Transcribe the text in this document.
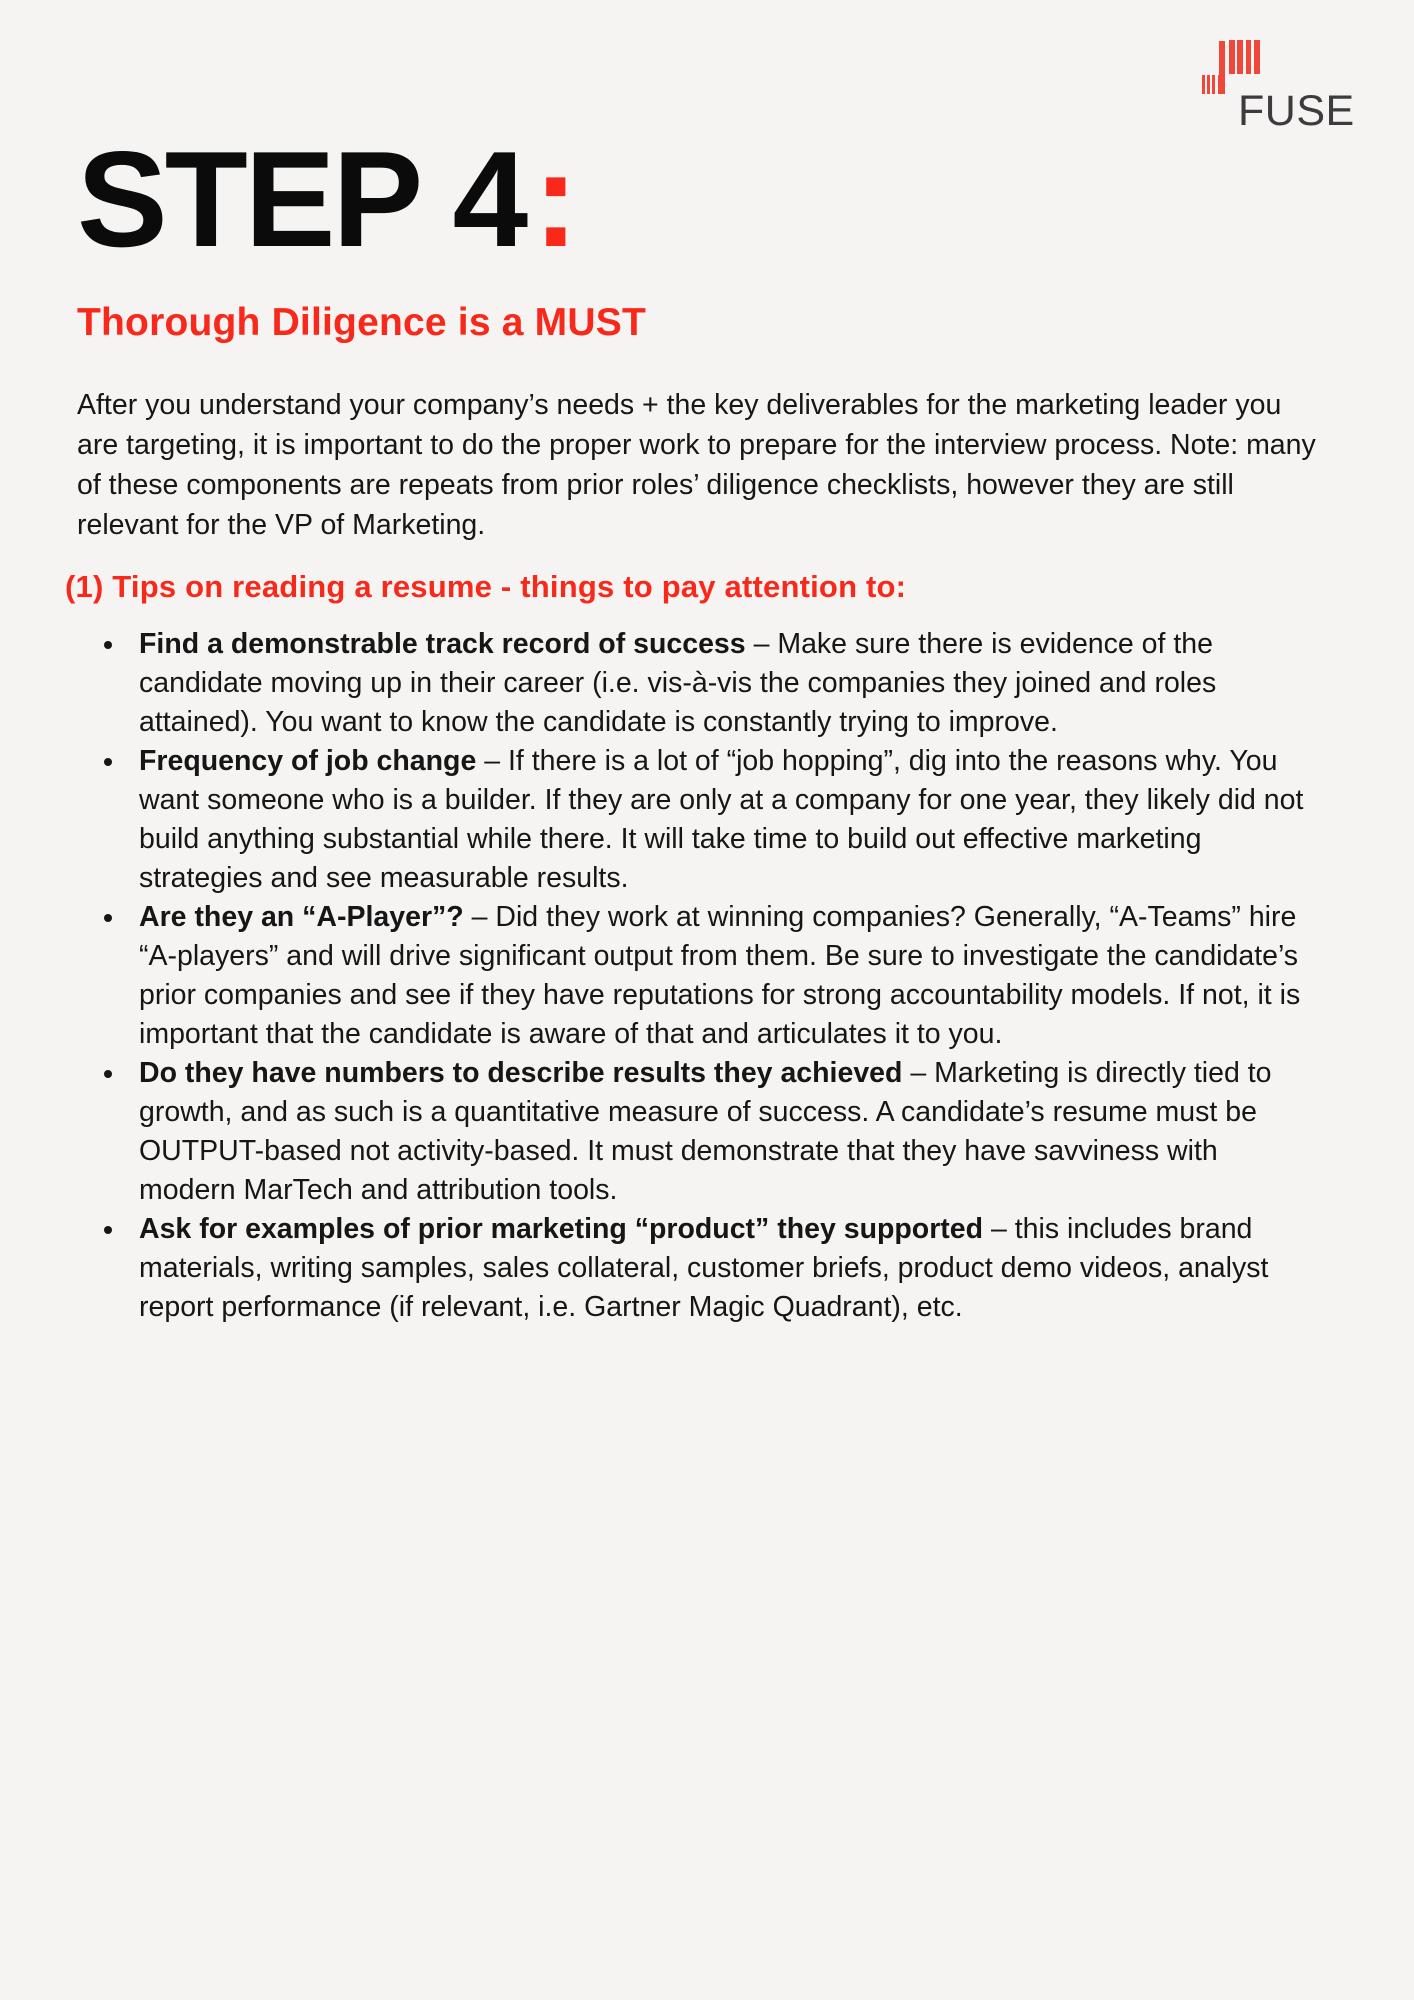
FUSE
STEP 4:
Thorough Diligence is a MUST

After you understand your company’s needs + the key deliverables for the marketing leader you are targeting, it is important to do the proper work to prepare for the interview process. Note: many of these components are repeats from prior roles’ diligence checklists, however they are still relevant for the VP of Marketing.

(1) Tips on reading a resume - things to pay attention to:
Find a demonstrable track record of success – Make sure there is evidence of the candidate moving up in their career (i.e. vis-à-vis the companies they joined and roles attained). You want to know the candidate is constantly trying to improve.
Frequency of job change – If there is a lot of “job hopping”, dig into the reasons why. You want someone who is a builder. If they are only at a company for one year, they likely did not build anything substantial while there. It will take time to build out effective marketing strategies and see measurable results.
Are they an “A-Player”? – Did they work at winning companies? Generally, “A-Teams” hire “A-players” and will drive significant output from them. Be sure to investigate the candidate’s prior companies and see if they have reputations for strong accountability models. If not, it is important that the candidate is aware of that and articulates it to you.
Do they have numbers to describe results they achieved – Marketing is directly tied to growth, and as such is a quantitative measure of success. A candidate’s resume must be OUTPUT-based not activity-based. It must demonstrate that they have savviness with modern MarTech and attribution tools.
Ask for examples of prior marketing “product” they supported – this includes brand materials, writing samples, sales collateral, customer briefs, product demo videos, analyst report performance (if relevant, i.e. Gartner Magic Quadrant), etc.
